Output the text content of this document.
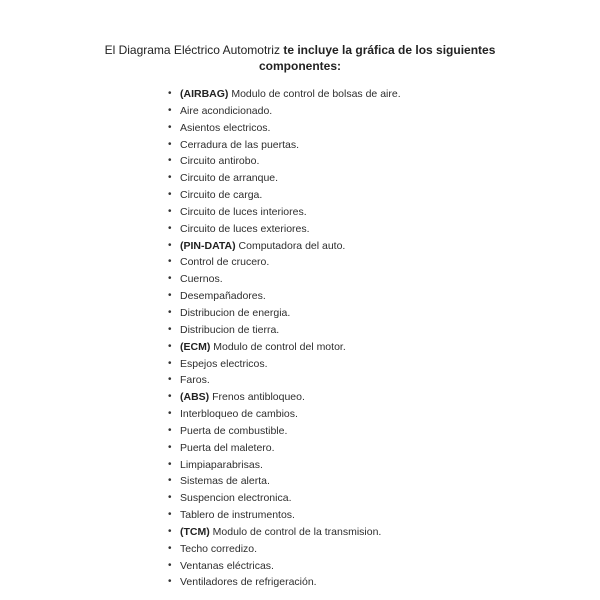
El Diagrama Eléctrico Automotriz te incluye la gráfica de los siguientes
componentes:
• (AIRBAG) Modulo de control de bolsas de aire.
• Aire acondicionado.
• Asientos electricos.
• Cerradura de las puertas.
• Circuito antirobo.
• Circuito de arranque.
• Circuito de carga.
• Circuito de luces interiores.
• Circuito de luces exteriores.
• (PIN-DATA) Computadora del auto.
• Control de crucero.
• Cuernos.
• Desempañadores.
• Distribucion de energia.
• Distribucion de tierra.
• (ECM) Modulo de control del motor.
• Espejos electricos.
• Faros.
• (ABS) Frenos antibloqueo.
• Interbloqueo de cambios.
• Puerta de combustible.
• Puerta del maletero.
• Limpiaparabrisas.
• Sistemas de alerta.
• Suspencion electronica.
• Tablero de instrumentos.
• (TCM) Modulo de control de la transmision.
• Techo corredizo.
• Ventanas eléctricas.
• Ventiladores de refrigeración.
